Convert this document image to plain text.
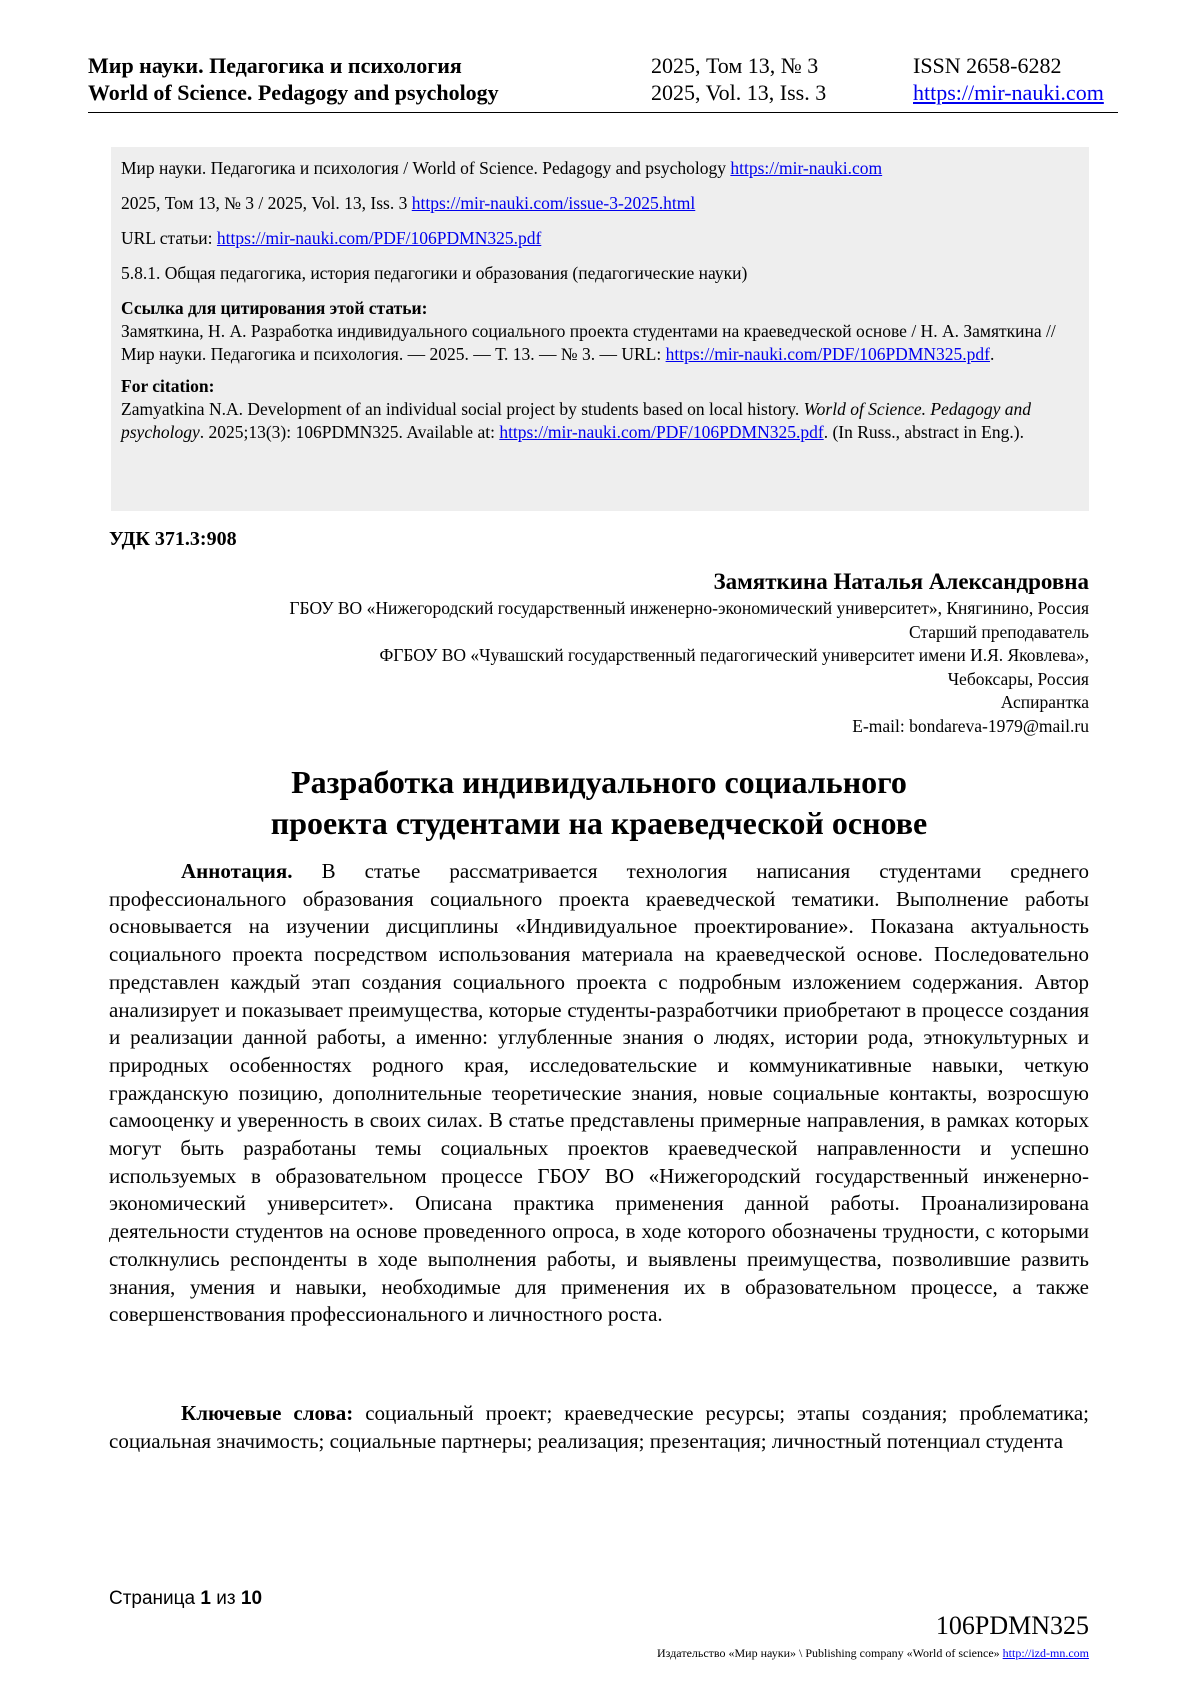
Мир науки. Педагогика и психология
World of Science. Pedagogy and psychology
2025, Том 13, № 3
2025, Vol. 13, Iss. 3
ISSN 2658-6282
https://mir-nauki.com

Мир науки. Педагогика и психология / World of Science. Pedagogy and psychology https://mir-nauki.com

2025, Том 13, № 3 / 2025, Vol. 13, Iss. 3 https://mir-nauki.com/issue-3-2025.html

URL статьи: https://mir-nauki.com/PDF/106PDMN325.pdf

5.8.1. Общая педагогика, история педагогики и образования (педагогические науки)

Ссылка для цитирования этой статьи:
Замяткина, Н. А. Разработка индивидуального социального проекта студентами на краеведческой основе / Н. А. Замяткина // Мир науки. Педагогика и психология. — 2025. — Т. 13. — № 3. — URL: https://mir-nauki.com/PDF/106PDMN325.pdf.

For citation:
Zamyatkina N.A. Development of an individual social project by students based on local history. World of Science. Pedagogy and psychology. 2025;13(3): 106PDMN325. Available at: https://mir-nauki.com/PDF/106PDMN325.pdf. (In Russ., abstract in Eng.).

УДК 371.3:908
Замяткина Наталья Александровна
ГБОУ ВО «Нижегородский государственный инженерно-экономический университет», Княгинино, Россия
Старший преподаватель
ФГБОУ ВО «Чувашский государственный педагогический университет имени И.Я. Яковлева»,
Чебоксары, Россия
Аспирантка
E-mail: bondareva-1979@mail.ru
Разработка индивидуального социального
проекта студентами на краеведческой основе

Аннотация. В статье рассматривается технология написания студентами среднего профессионального образования социального проекта краеведческой тематики. Выполнение работы основывается на изучении дисциплины «Индивидуальное проектирование». Показана актуальность социального проекта посредством использования материала на краеведческой основе. Последовательно представлен каждый этап создания социального проекта с подробным изложением содержания. Автор анализирует и показывает преимущества, которые студенты-разработчики приобретают в процессе создания и реализации данной работы, а именно: углубленные знания о людях, истории рода, этнокультурных и природных особенностях родного края, исследовательские и коммуникативные навыки, четкую гражданскую позицию, дополнительные теоретические знания, новые социальные контакты, возросшую самооценку и уверенность в своих силах. В статье представлены примерные направления, в рамках которых могут быть разработаны темы социальных проектов краеведческой направленности и успешно используемых в образовательном процессе ГБОУ ВО «Нижегородский государственный инженерно-экономический университет». Описана практика применения данной работы. Проанализирована деятельности студентов на основе проведенного опроса, в ходе которого обозначены трудности, с которыми столкнулись респонденты в ходе выполнения работы, и выявлены преимущества, позволившие развить знания, умения и навыки, необходимые для применения их в образовательном процессе, а также совершенствования профессионального и личностного роста.

Ключевые слова: социальный проект; краеведческие ресурсы; этапы создания; проблематика; социальная значимость; социальные партнеры; реализация; презентация; личностный потенциал студента

Страница 1 из 10
106PDMN325
Издательство «Мир науки» \ Publishing company «World of science» http://izd-mn.com
